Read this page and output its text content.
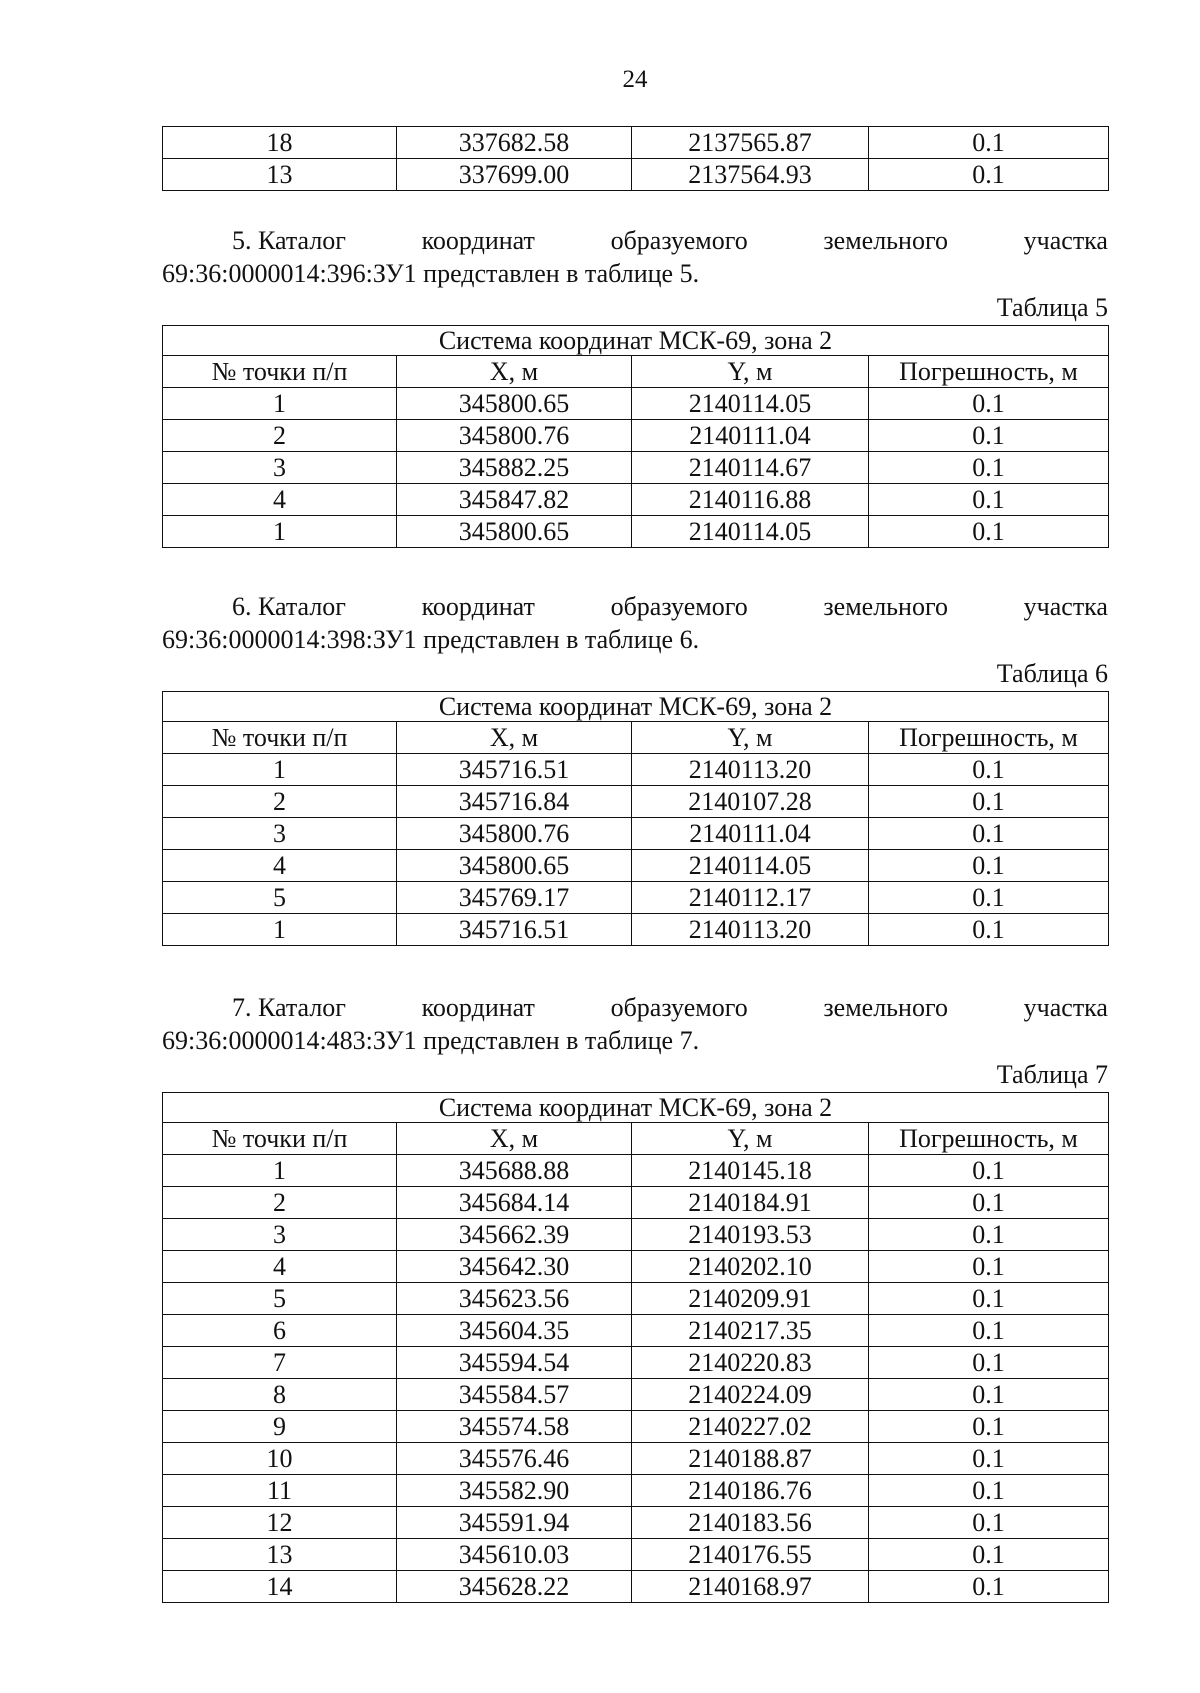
24
18	337682.58	2137565.87	0.1
13	337699.00	2137564.93	0.1
5. Каталог	координат	образуемого	земельного	участка
69:36:0000014:396:ЗУ1 представлен в таблице 5.
Таблица 5
Система координат МСК-69, зона 2			
№ точки п/п	X, м	Y, м	Погрешность, м
1	345800.65	2140114.05	0.1
2	345800.76	2140111.04	0.1
3	345882.25	2140114.67	0.1
4	345847.82	2140116.88	0.1
1	345800.65	2140114.05	0.1
6. Каталог	координат	образуемого	земельного	участка
69:36:0000014:398:ЗУ1 представлен в таблице 6.
Таблица 6
Система координат МСК-69, зона 2			
№ точки п/п	X, м	Y, м	Погрешность, м
1	345716.51	2140113.20	0.1
2	345716.84	2140107.28	0.1
3	345800.76	2140111.04	0.1
4	345800.65	2140114.05	0.1
5	345769.17	2140112.17	0.1
1	345716.51	2140113.20	0.1
7. Каталог	координат	образуемого	земельного	участка
69:36:0000014:483:ЗУ1 представлен в таблице 7.
Таблица 7
Система координат МСК-69, зона 2			
№ точки п/п	X, м	Y, м	Погрешность, м
1	345688.88	2140145.18	0.1
2	345684.14	2140184.91	0.1
3	345662.39	2140193.53	0.1
4	345642.30	2140202.10	0.1
5	345623.56	2140209.91	0.1
6	345604.35	2140217.35	0.1
7	345594.54	2140220.83	0.1
8	345584.57	2140224.09	0.1
9	345574.58	2140227.02	0.1
10	345576.46	2140188.87	0.1
11	345582.90	2140186.76	0.1
12	345591.94	2140183.56	0.1
13	345610.03	2140176.55	0.1
14	345628.22	2140168.97	0.1
